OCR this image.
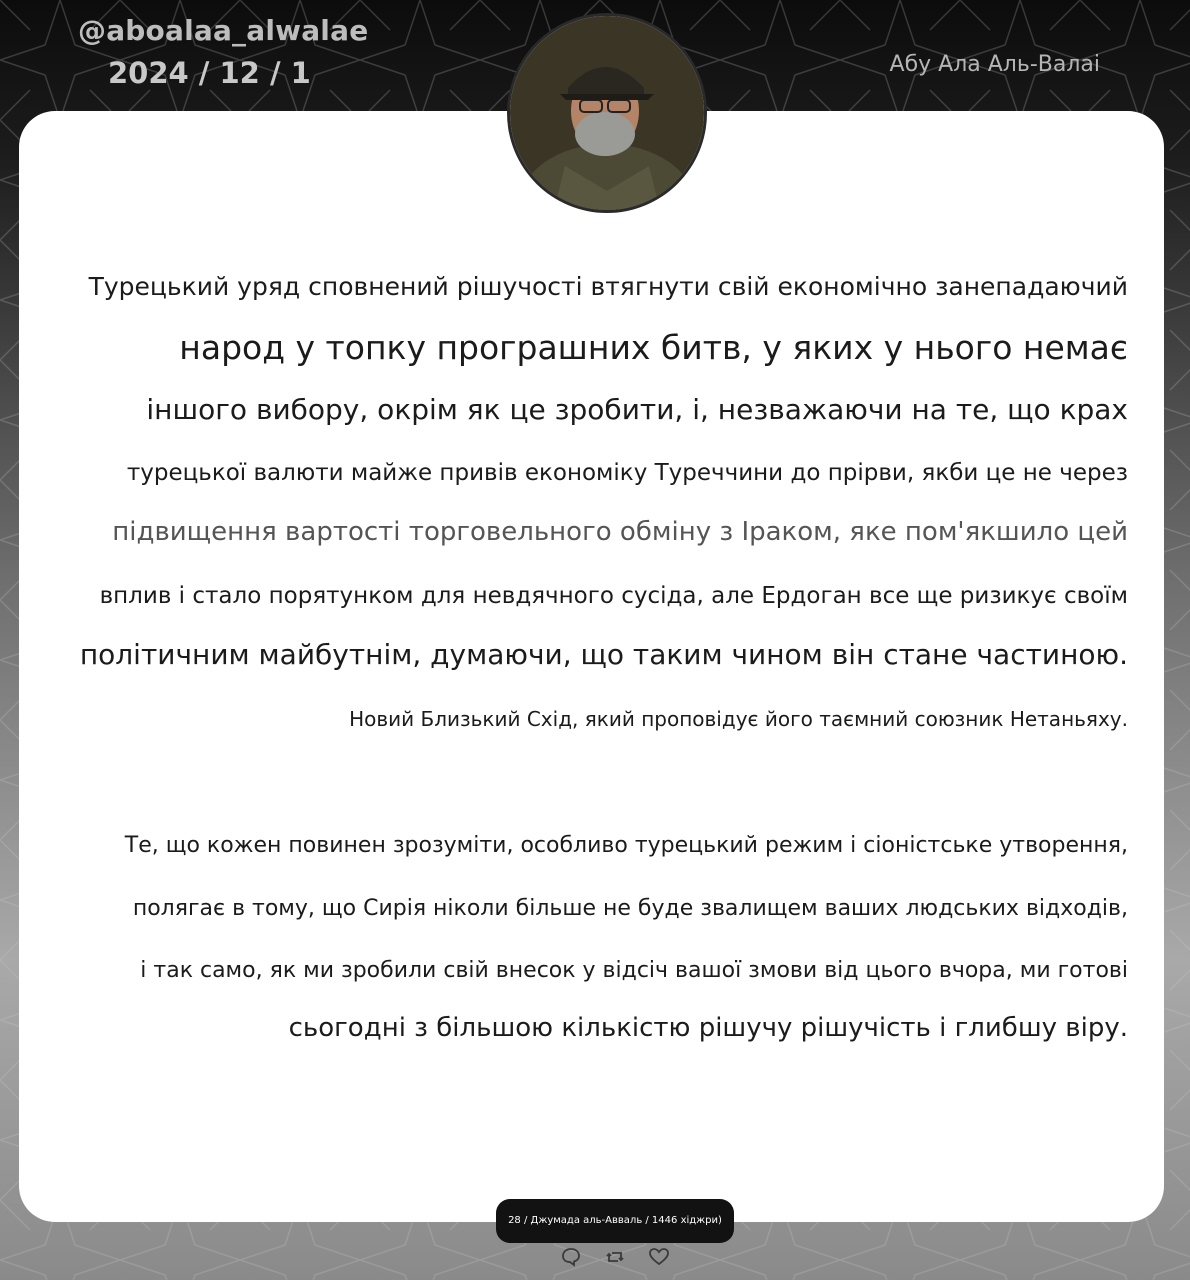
@aboalaa_alwalae
2024 / 12 / 1	Абу Ала Аль-Валаі
Турецький уряд сповнений рішучості втягнути свій економічно занепадаючий
народ у топку програшних битв, у яких у нього немає
іншого вибору, окрім як це зробити, і, незважаючи на те, що крах
турецької валюти майже привів економіку Туреччини до прірви, якби це не через
підвищення вартості торговельного обміну з Іраком, яке пом'якшило цей
вплив і стало порятунком для невдячного сусіда, але Ердоган все ще ризикує своїм
політичним майбутнім, думаючи, що таким чином він стане частиною.
Новий Близький Схід, який проповідує його таємний союзник Нетаньяху.
Те, що кожен повинен зрозуміти, особливо турецький режим і сіоністське утворення,
полягає в тому, що Сирія ніколи більше не буде звалищем ваших людських відходів,
і так само, як ми зробили свій внесок у відсіч вашої змови від цього вчора, ми готові
сьогодні з більшою кількістю рішучу рішучість і глибшу віру.
28 / Джумада аль-Авваль / 1446 хіджри)
